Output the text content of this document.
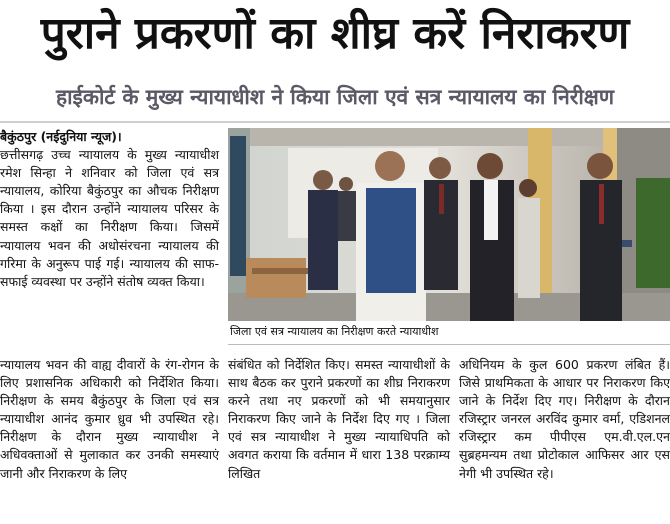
पुराने प्रकरणों का शीघ्र करें निराकरण
हाईकोर्ट के मुख्य न्यायाधीश ने किया जिला एवं सत्र न्यायालय का निरीक्षण

बैकुंठपुर (नईदुनिया न्यूज)।

छत्तीसगढ़ उच्च न्यायालय के मुख्य न्यायाधीश रमेश सिन्हा ने शनिवार को जिला एवं सत्र न्यायालय, कोरिया बैकुंठपुर का औचक निरीक्षण किया । इस दौरान उन्होंने न्यायालय परिसर के समस्त कक्षों का निरीक्षण किया। जिसमें न्यायालय भवन की अधोसंरचना न्यायालय की गरिमा के अनुरूप पाई गई। न्यायालय की साफ-सफाई व्यवस्था पर उन्होंने संतोष व्यक्त किया।

जिला एवं सत्र न्यायालय का निरीक्षण करते न्यायाधीश

न्यायालय भवन की वाह्य दीवारों के रंग-रोगन के लिए प्रशासनिक अधिकारी को निर्देशित किया। निरीक्षण के समय बैकुंठपुर के जिला एवं सत्र न्यायाधीश आनंद कुमार ध्रुव भी उपस्थित रहे। निरीक्षण के दौरान मुख्य न्यायाधीश ने अधिवक्ताओं से मुलाकात कर उनकी समस्याएं जानी और निराकरण के लिए

संबंधित को निर्देशित किए। समस्त न्यायाधीशों के साथ बैठक कर पुराने प्रकरणों का शीघ्र निराकरण करने तथा नए प्रकरणों को भी समयानुसार निराकरण किए जाने के निर्देश दिए गए । जिला एवं सत्र न्यायाधीश ने मुख्य न्यायाधिपति को अवगत कराया कि वर्तमान में धारा 138 परक्राम्य लिखित

अधिनियम के कुल 600 प्रकरण लंबित हैं। जिसे प्राथमिकता के आधार पर निराकरण किए जाने के निर्देश दिए गए। निरीक्षण के दौरान रजिस्ट्रार जनरल अरविंद कुमार वर्मा, एडिशनल रजिस्ट्रार कम पीपीएस एम.वी.एल.एन सुब्रहमन्यम तथा प्रोटोकाल आफिसर आर एस नेगी भी उपस्थित रहे।
